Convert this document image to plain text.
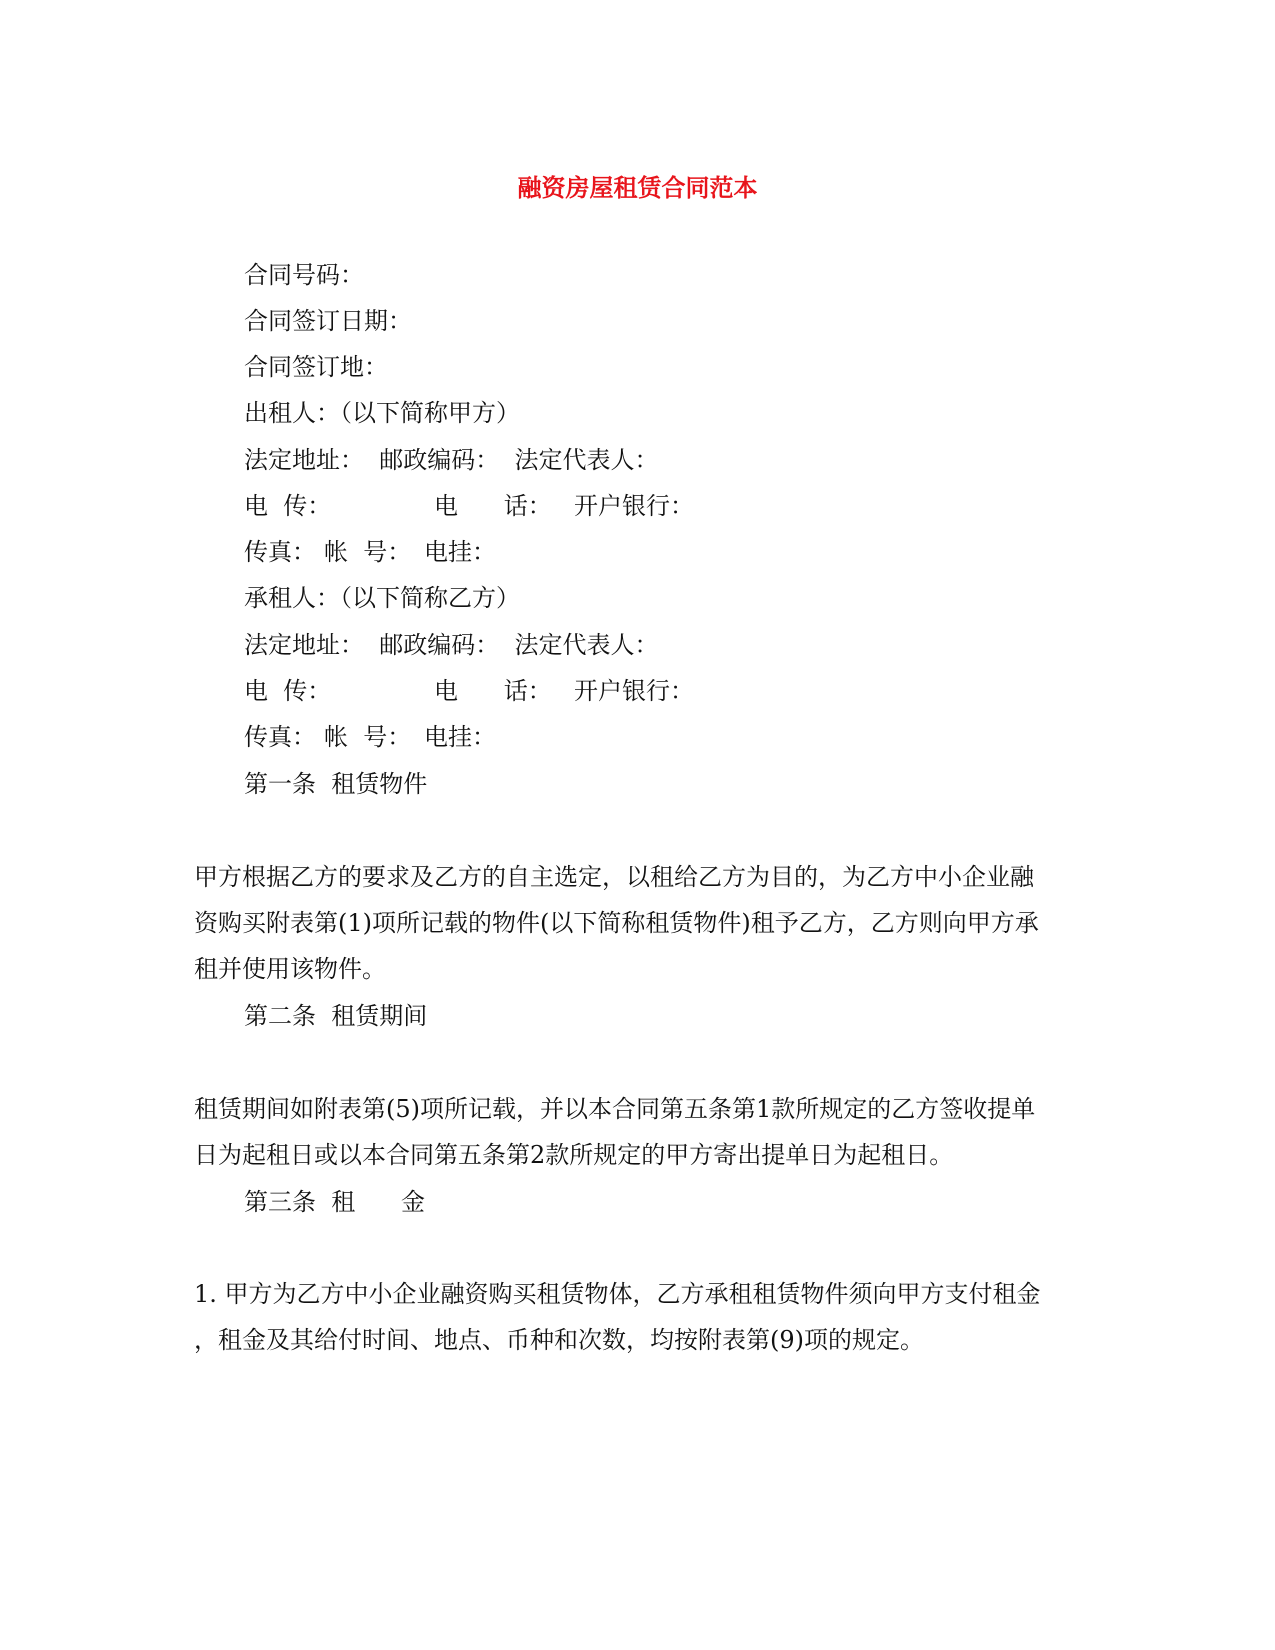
融资房屋租赁合同范本
合同号码：
合同签订日期：
合同签订地：
出租人：（以下简称甲方）
法定地址：  邮政编码：  法定代表人：
电  传：	电      话： 开户银行：
传真： 帐  号： 电挂：
承租人：（以下简称乙方）
法定地址：  邮政编码：  法定代表人：
电  传：	电      话： 开户银行：
传真： 帐  号： 电挂：
第一条  租赁物件
甲方根据乙方的要求及乙方的自主选定，以租给乙方为目的，为乙方中小企业融
资购买附表第(1)项所记载的物件(以下简称租赁物件)租予乙方，乙方则向甲方承
租并使用该物件。
第二条  租赁期间
租赁期间如附表第(5)项所记载，并以本合同第五条第1款所规定的乙方签收提单
日为起租日或以本合同第五条第2款所规定的甲方寄出提单日为起租日。
第三条  租      金
1. 甲方为乙方中小企业融资购买租赁物体，乙方承租租赁物件须向甲方支付租金
，租金及其给付时间、地点、币种和次数，均按附表第(9)项的规定。
